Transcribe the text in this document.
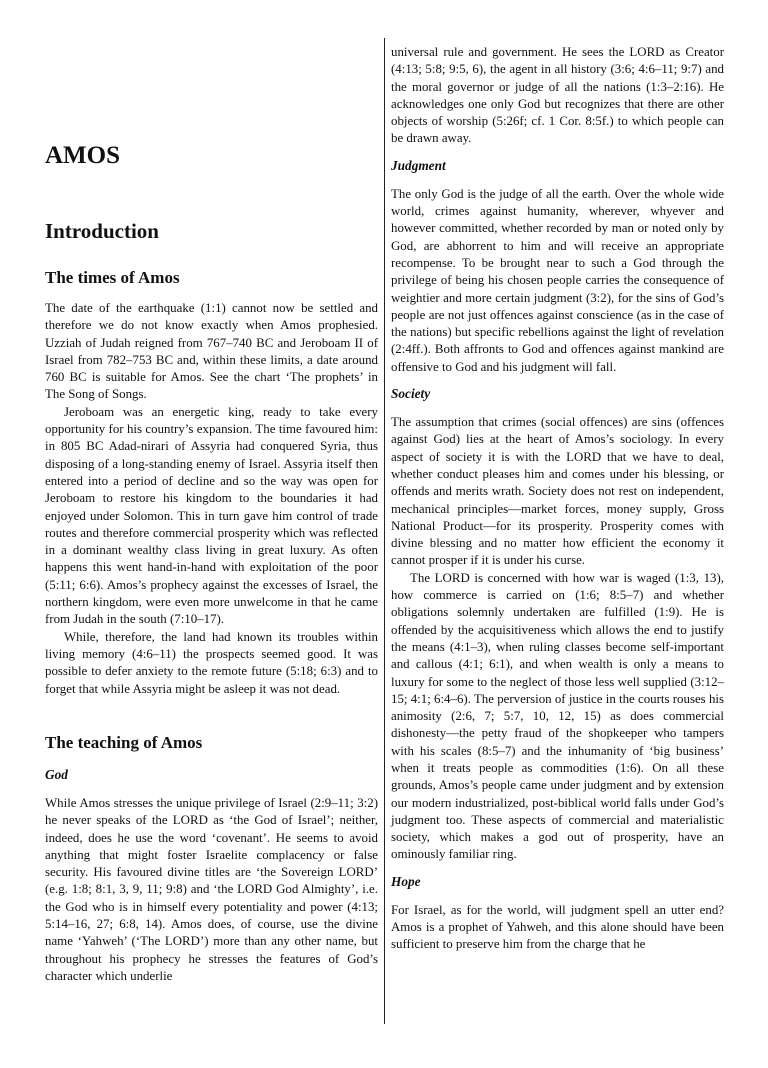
AMOS
Introduction
The times of Amos

The date of the earthquake (1:1) cannot now be settled and therefore we do not know exactly when Amos prophesied. Uzziah of Judah reigned from 767–740 BC and Jeroboam II of Israel from 782–753 BC and, within these limits, a date around 760 BC is suitable for Amos. See the chart ‘The prophets’ in The Song of Songs.

Jeroboam was an energetic king, ready to take every opportunity for his country’s expansion. The time favoured him: in 805 BC Adad-nirari of Assyria had conquered Syria, thus disposing of a long-standing enemy of Israel. Assyria itself then entered into a period of decline and so the way was open for Jeroboam to restore his kingdom to the boundaries it had enjoyed under Solomon. This in turn gave him control of trade routes and therefore commercial prosperity which was reflected in a dominant wealthy class living in great luxury. As often happens this went hand-in-hand with exploitation of the poor (5:11; 6:6). Amos’s prophecy against the excesses of Israel, the northern kingdom, were even more unwelcome in that he came from Judah in the south (7:10–17).

While, therefore, the land had known its troubles within living memory (4:6–11) the prospects seemed good. It was possible to defer anxiety to the remote future (5:18; 6:3) and to forget that while Assyria might be asleep it was not dead.

The teaching of Amos
God

While Amos stresses the unique privilege of Israel (2:9–11; 3:2) he never speaks of the LORD as ‘the God of Israel’; neither, indeed, does he use the word ‘covenant’. He seems to avoid anything that might foster Israelite complacency or false security. His favoured divine titles are ‘the Sovereign LORD’ (e.g. 1:8; 8:1, 3, 9, 11; 9:8) and ‘the LORD God Almighty’, i.e. the God who is in himself every potentiality and power (4:13; 5:14–16, 27; 6:8, 14). Amos does, of course, use the divine name ‘Yahweh’ (‘The LORD’) more than any other name, but throughout his prophecy he stresses the features of God’s character which underlie

universal rule and government. He sees the LORD as Creator (4:13; 5:8; 9:5, 6), the agent in all history (3:6; 4:6–11; 9:7) and the moral governor or judge of all the nations (1:3–2:16). He acknowledges one only God but recognizes that there are other objects of worship (5:26f; cf. 1 Cor. 8:5f.) to which people can be drawn away.

Judgment

The only God is the judge of all the earth. Over the whole wide world, crimes against humanity, wherever, whyever and however committed, whether recorded by man or noted only by God, are abhorrent to him and will receive an appropriate recompense. To be brought near to such a God through the privilege of being his chosen people carries the consequence of weightier and more certain judgment (3:2), for the sins of God’s people are not just offences against conscience (as in the case of the nations) but specific rebellions against the light of revelation (2:4ff.). Both affronts to God and offences against mankind are offensive to God and his judgment will fall.

Society

The assumption that crimes (social offences) are sins (offences against God) lies at the heart of Amos’s sociology. In every aspect of society it is with the LORD that we have to deal, whether conduct pleases him and comes under his blessing, or offends and merits wrath. Society does not rest on independent, mechanical principles—market forces, money supply, Gross National Product—for its prosperity. Prosperity comes with divine blessing and no matter how efficient the economy it cannot prosper if it is under his curse.

The LORD is concerned with how war is waged (1:3, 13), how commerce is carried on (1:6; 8:5–7) and whether obligations solemnly undertaken are fulfilled (1:9). He is offended by the acquisitiveness which allows the end to justify the means (4:1–3), when ruling classes become self-important and callous (4:1; 6:1), and when wealth is only a means to luxury for some to the neglect of those less well supplied (3:12–15; 4:1; 6:4–6). The perversion of justice in the courts rouses his animosity (2:6, 7; 5:7, 10, 12, 15) as does commercial dishonesty—the petty fraud of the shopkeeper who tampers with his scales (8:5–7) and the inhumanity of ‘big business’ when it treats people as commodities (1:6). On all these grounds, Amos’s people came under judgment and by extension our modern industrialized, post-biblical world falls under God’s judgment too. These aspects of commercial and materialistic society, which makes a god out of prosperity, have an ominously familiar ring.

Hope

For Israel, as for the world, will judgment spell an utter end? Amos is a prophet of Yahweh, and this alone should have been sufficient to preserve him from the charge that he
